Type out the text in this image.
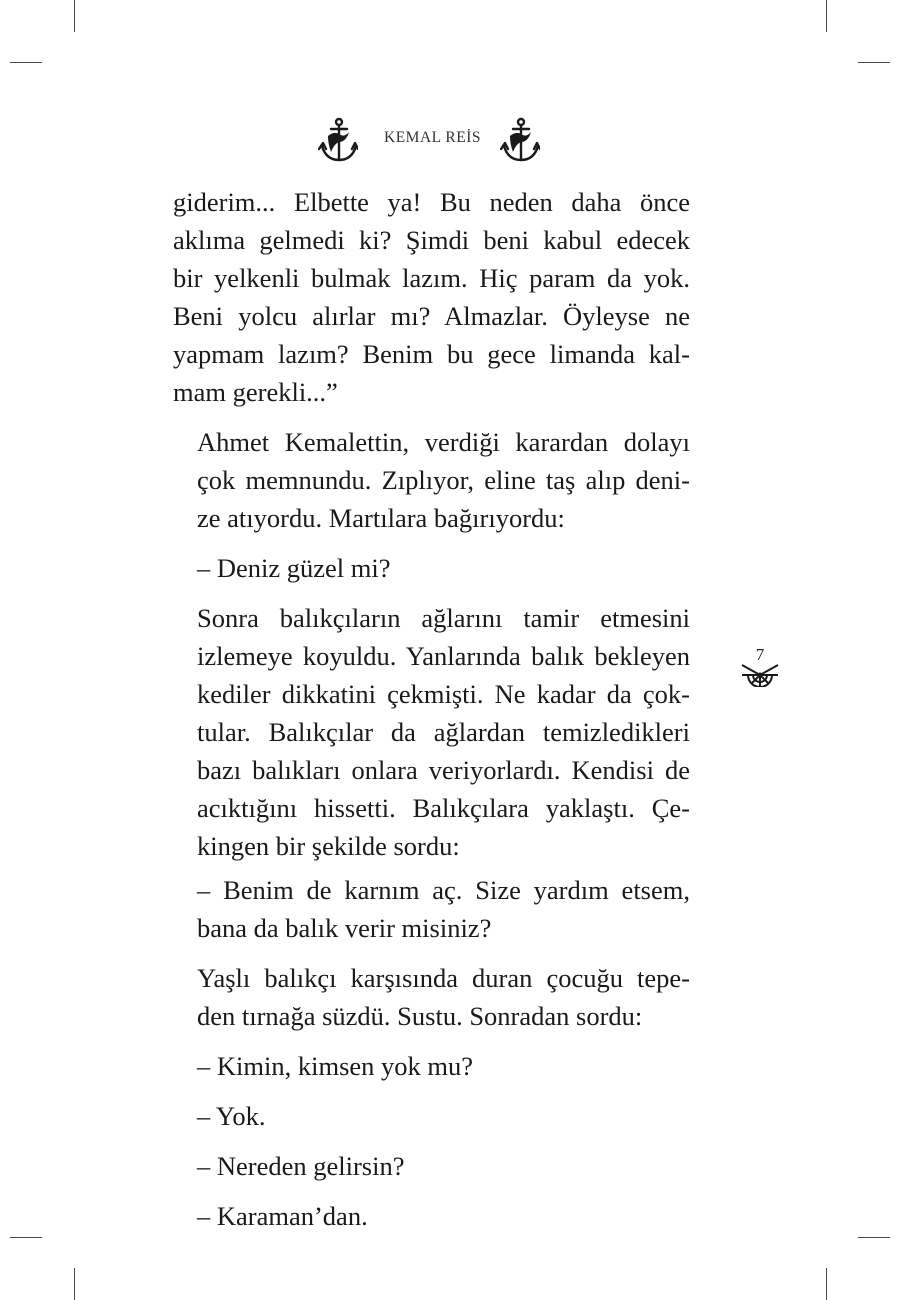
KEMAL REİS

giderim... Elbette ya! Bu neden daha önce
aklıma gelmedi ki? Şimdi beni kabul edecek
bir yelkenli bulmak lazım. Hiç param da yok.
Beni yolcu alırlar mı? Almazlar. Öyleyse ne
yapmam lazım? Benim bu gece limanda kal-
mam gerekli...”

Ahmet Kemalettin, verdiği karardan dolayı
çok memnundu. Zıplıyor, eline taş alıp deni-
ze atıyordu. Martılara bağırıyordu:

– Deniz güzel mi?

Sonra balıkçıların ağlarını tamir etmesini
izlemeye koyuldu. Yanlarında balık bekleyen
kediler dikkatini çekmişti. Ne kadar da çok-
tular. Balıkçılar da ağlardan temizledikleri
bazı balıkları onlara veriyorlardı. Kendisi de
acıktığını hissetti. Balıkçılara yaklaştı. Çe-
kingen bir şekilde sordu:

– Benim de karnım aç. Size yardım etsem,
bana da balık verir misiniz?

Yaşlı balıkçı karşısında duran çocuğu tepe-
den tırnağa süzdü. Sustu. Sonradan sordu:

– Kimin, kimsen yok mu?

– Yok.

– Nereden gelirsin?

– Karaman’dan.

7
